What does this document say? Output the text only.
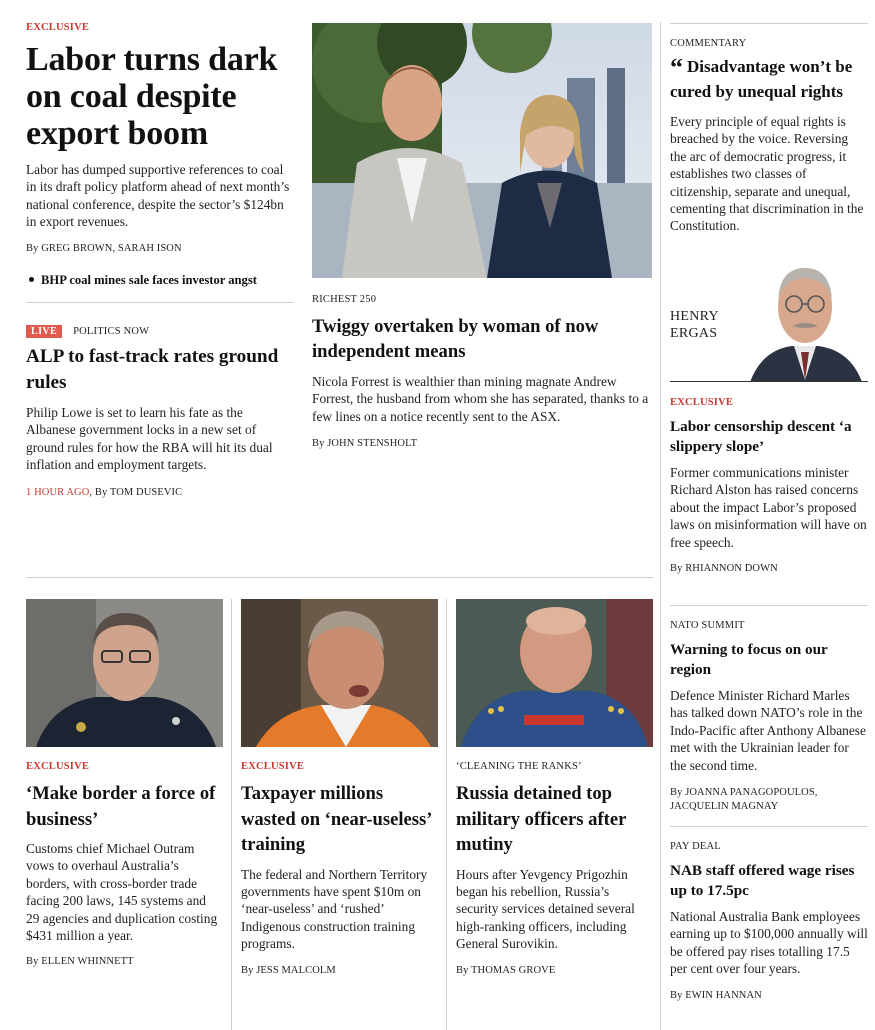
EXCLUSIVE
Labor turns dark on coal despite export boom

Labor has dumped supportive references to coal in its draft policy platform ahead of next month’s national conference, despite the sector’s $124bn in export revenues.

By GREG BROWN, SARAH ISON
BHP coal mines sale faces investor angst
LIVE POLITICS NOW
ALP to fast-track rates ground rules

Philip Lowe is set to learn his fate as the Albanese government locks in a new set of ground rules for how the RBA will hit its dual inflation and employment targets.

1 HOUR AGO, By TOM DUSEVIC
RICHEST 250
Twiggy overtaken by woman of now independent means

Nicola Forrest is wealthier than mining magnate Andrew Forrest, the husband from whom she has separated, thanks to a few lines on a notice recently sent to the ASX.

By JOHN STENSHOLT
COMMENTARY
“ Disadvantage won’t be cured by unequal rights

Every principle of equal rights is breached by the voice. Reversing the arc of democratic progress, it establishes two classes of citizenship, separate and unequal, cementing that discrimination in the Constitution.

HENRY
ERGAS
EXCLUSIVE
Labor censorship descent ‘a slippery slope’

Former communications minister Richard Alston has raised concerns about the impact Labor’s proposed laws on misinformation will have on free speech.

By RHIANNON DOWN
NATO SUMMIT
Warning to focus on our region

Defence Minister Richard Marles has talked down NATO’s role in the Indo-Pacific after Anthony Albanese met with the Ukrainian leader for the second time.

By JOANNA PANAGOPOULOS,
JACQUELIN MAGNAY
PAY DEAL
NAB staff offered wage rises up to 17.5pc

National Australia Bank employees earning up to $100,000 annually will be offered pay rises totalling 17.5 per cent over four years.

By EWIN HANNAN
EXCLUSIVE
‘Make border a force of business’

Customs chief Michael Outram vows to overhaul Australia’s borders, with cross-border trade facing 200 laws, 145 systems and 29 agencies and duplication costing $431 million a year.

By ELLEN WHINNETT
EXCLUSIVE
Taxpayer millions wasted on ‘near-useless’ training

The federal and Northern Territory governments have spent $10m on ‘near-useless’ and ‘rushed’ Indigenous construction training programs.

By JESS MALCOLM
‘CLEANING THE RANKS’
Russia detained top military officers after mutiny

Hours after Yevgency Prigozhin began his rebellion, Russia’s security services detained several high-ranking officers, including General Surovikin.

By THOMAS GROVE
